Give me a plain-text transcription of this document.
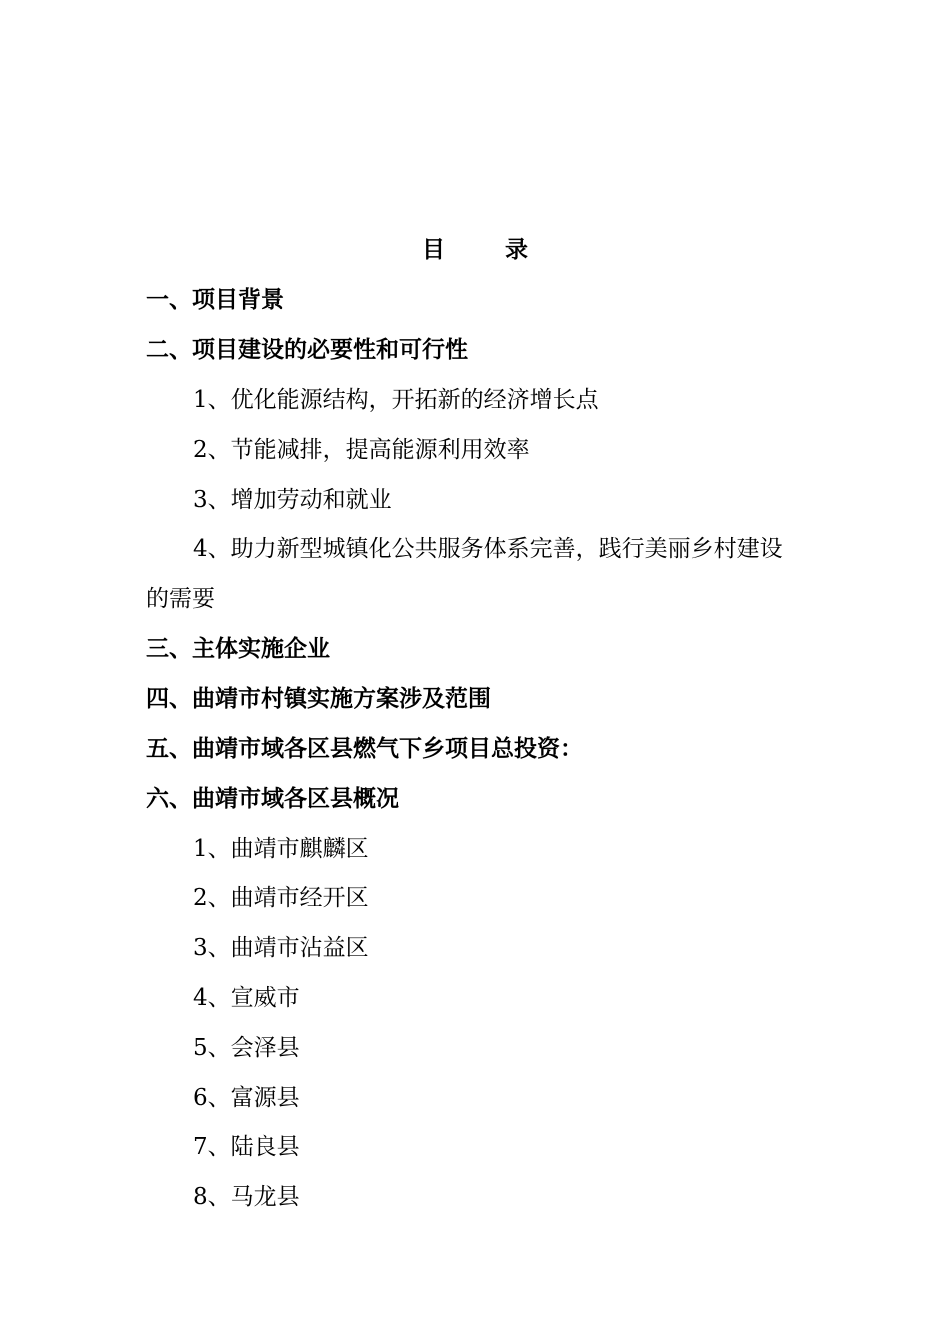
目 录
一、项目背景
二、项目建设的必要性和可行性
1、优化能源结构，开拓新的经济增长点
2、节能减排，提高能源利用效率
3、增加劳动和就业
4、助力新型城镇化公共服务体系完善，践行美丽乡村建设
的需要
三、主体实施企业
四、曲靖市村镇实施方案涉及范围
五、曲靖市域各区县燃气下乡项目总投资：
六、曲靖市域各区县概况
1、曲靖市麒麟区
2、曲靖市经开区
3、曲靖市沾益区
4、宣威市
5、会泽县
6、富源县
7、陆良县
8、马龙县
